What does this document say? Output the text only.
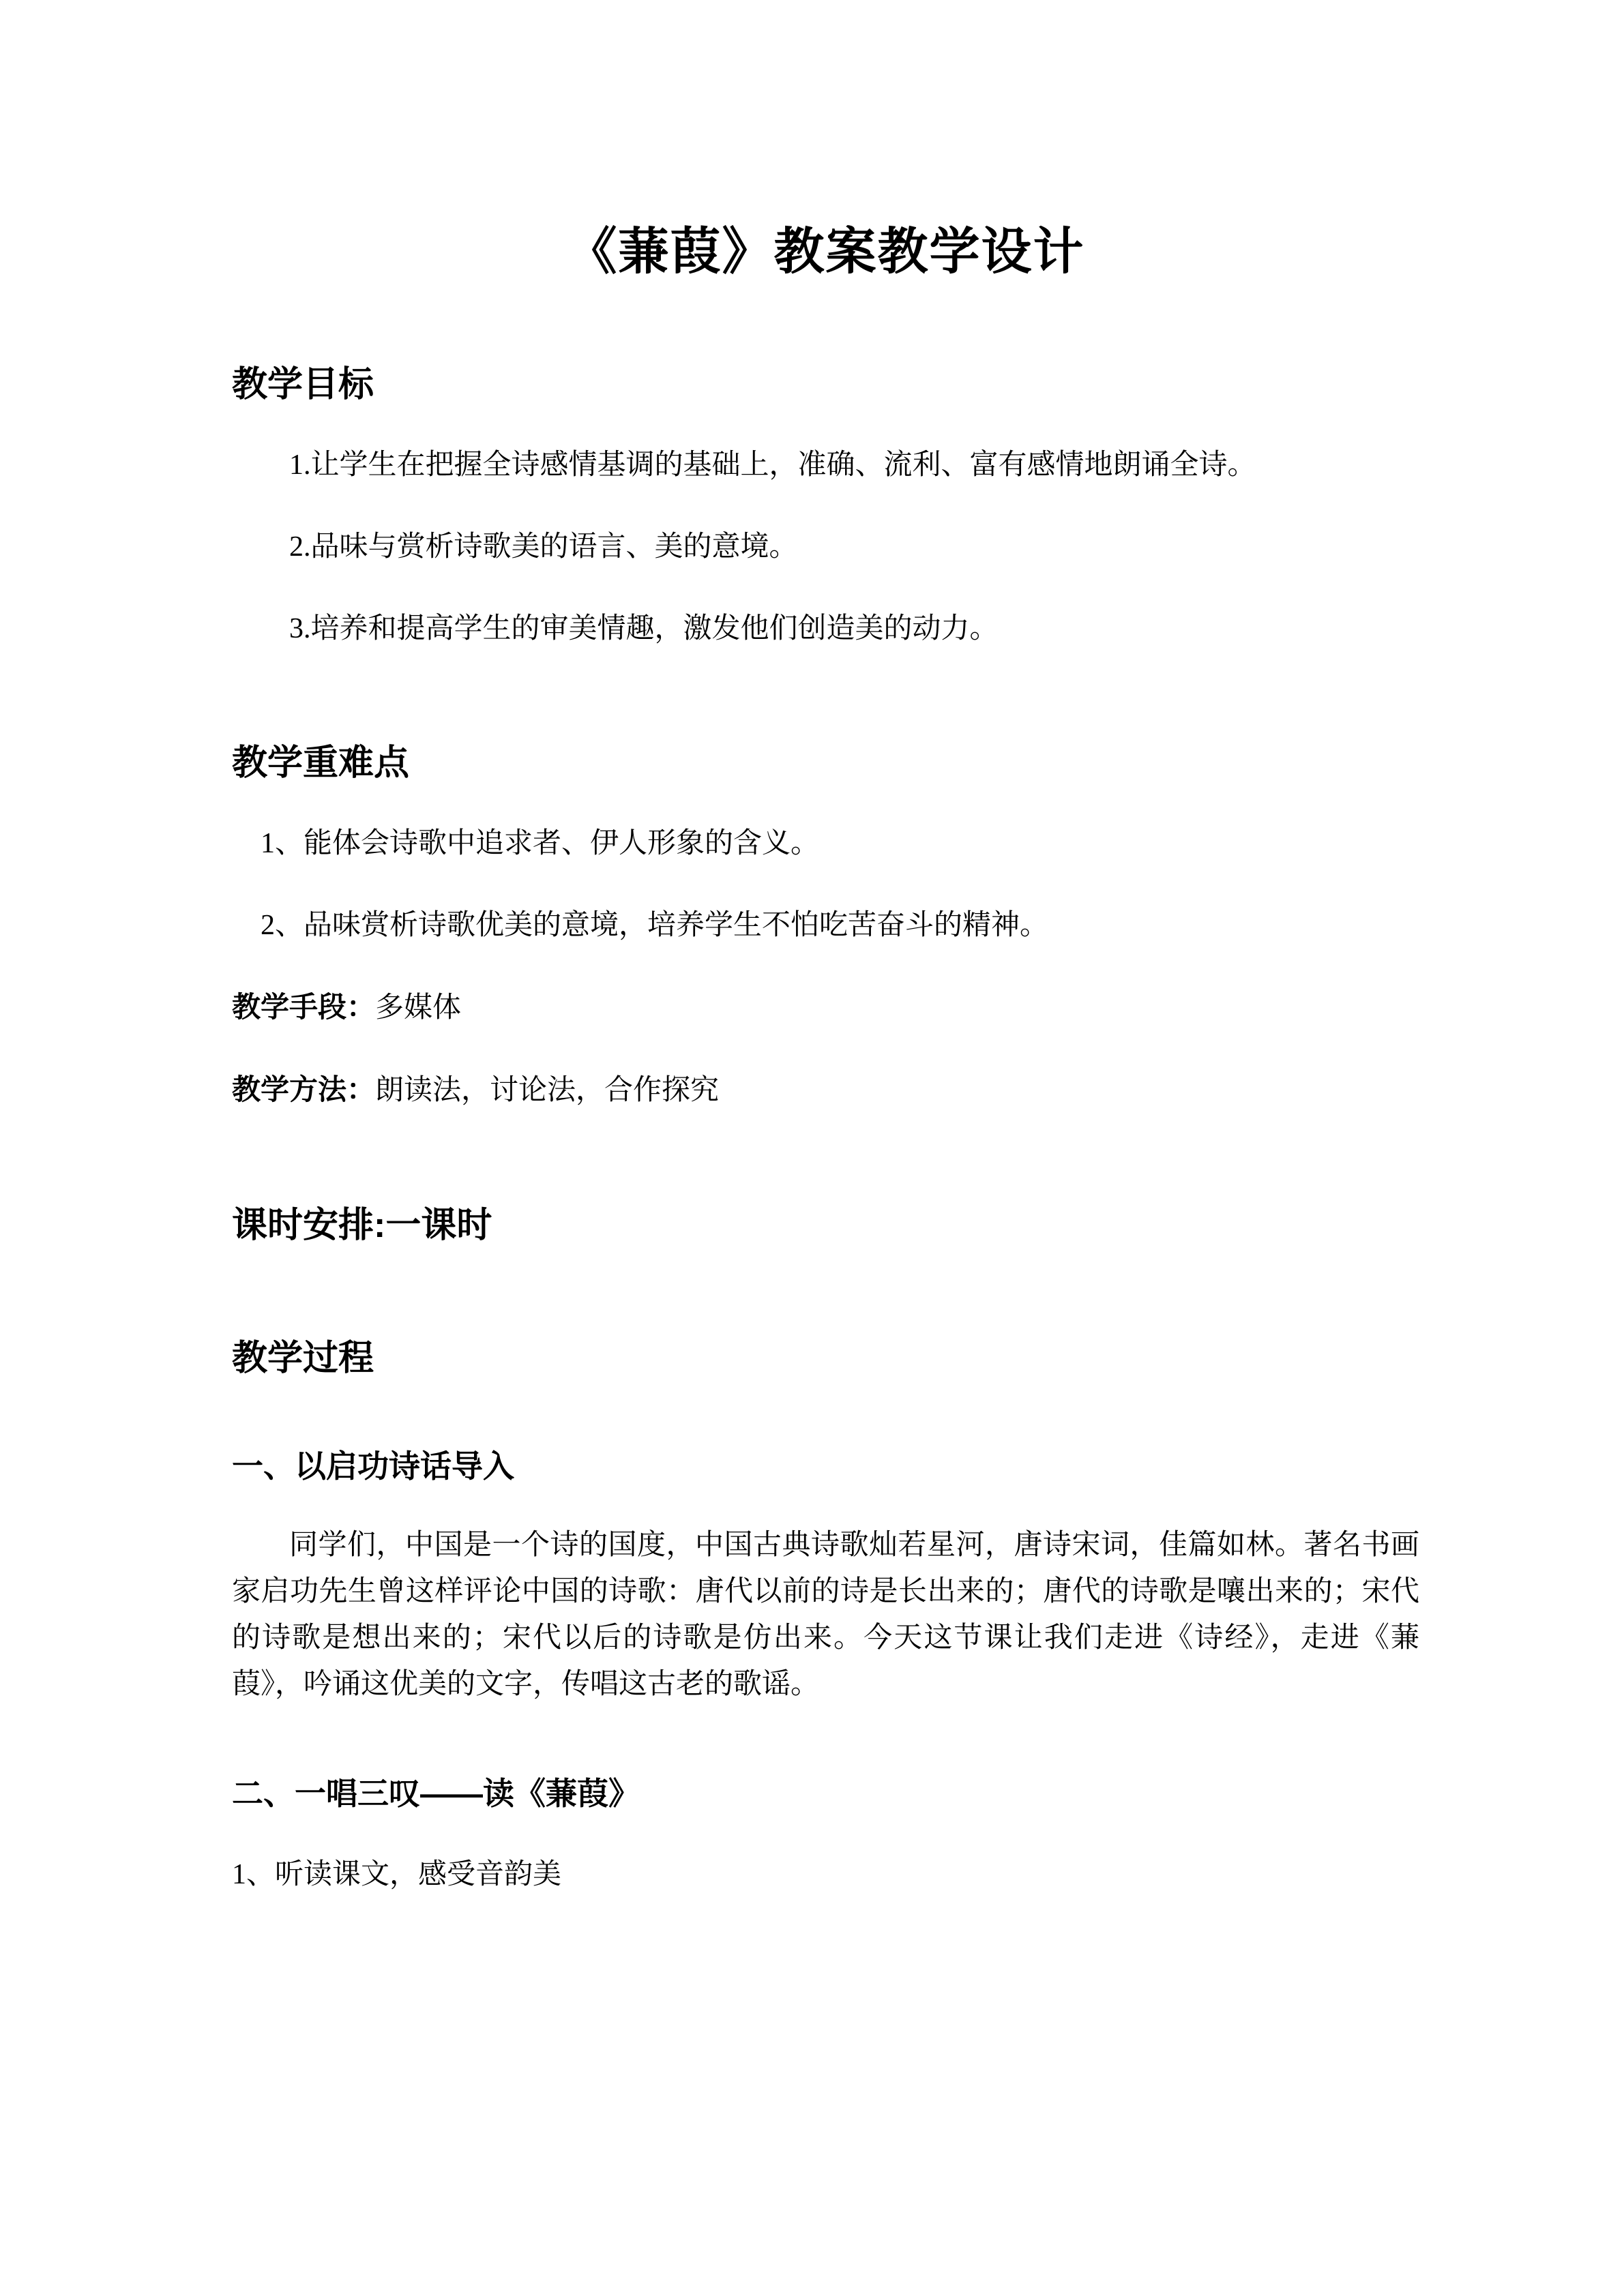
《蒹葭》教案教学设计
教学目标

1.让学生在把握全诗感情基调的基础上，准确、流利、富有感情地朗诵全诗。

2.品味与赏析诗歌美的语言、美的意境。

3.培养和提高学生的审美情趣，激发他们创造美的动力。

教学重难点

1、能体会诗歌中追求者、伊人形象的含义。

2、品味赏析诗歌优美的意境，培养学生不怕吃苦奋斗的精神。

教学手段：多媒体

教学方法：朗读法，讨论法，合作探究

课时安排:一课时
教学过程
一、以启功诗话导入

同学们，中国是一个诗的国度，中国古典诗歌灿若星河，唐诗宋词，佳篇如林。著名书画家启功先生曾这样评论中国的诗歌：唐代以前的诗是长出来的；唐代的诗歌是嚷出来的；宋代的诗歌是想出来的；宋代以后的诗歌是仿出来。今天这节课让我们走进《诗经》，走进《蒹葭》，吟诵这优美的文字，传唱这古老的歌谣。

二、一唱三叹——读《蒹葭》

1、听读课文，感受音韵美
